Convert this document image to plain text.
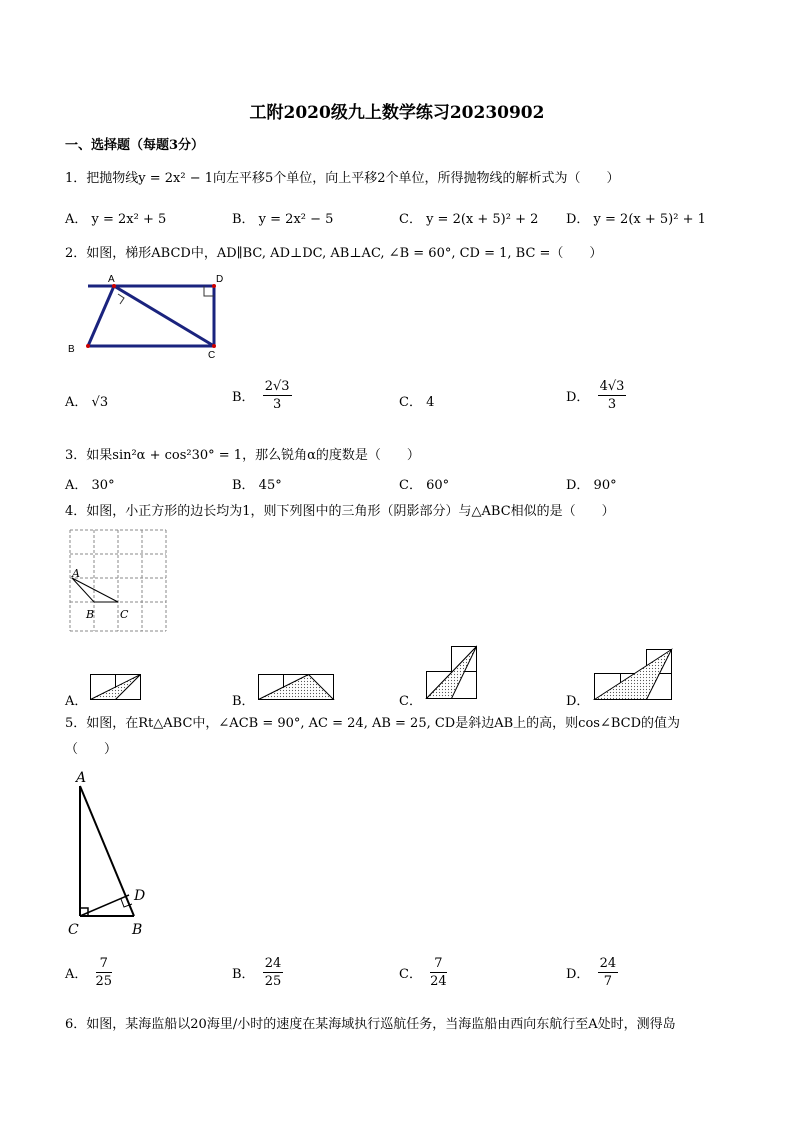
工附2020级九上数学练习20230902
一、选择题（每题3分）
1．把抛物线y = 2x² − 1向左平移5个单位，向上平移2个单位，所得抛物线的解析式为（　　）
A． y = 2x² + 5	B． y = 2x² − 5	C． y = 2(x + 5)² + 2 D． y = 2(x + 5)² + 1
2．如图，梯形ABCD中，AD∥BC, AD⊥DC, AB⊥AC, ∠B = 60°, CD = 1, BC =（　　）
A	D
B
C
A． √3	B． $\frac{2√3}{3}$	C． 4	D． $\frac{4√3}{3}$
3．如果sin²α + cos²30° = 1，那么锐角α的度数是（　　）
A． 30°	B． 45°	C． 60°	D． 90°
4．如图，小正方形的边长均为1，则下列图中的三角形（阴影部分）与△ABC相似的是（　　）
A
B C
A．	B．	C．	D．
5．如图，在Rt△ABC中，∠ACB = 90°, AC = 24, AB = 25, CD是斜边AB上的高，则cos∠BCD的值为
（　　）
A
D
C	B
A． $\frac{7}{25}$	B． $\frac{24}{25}$	C． $\frac{7}{24}$	D． $\frac{24}{7}$
6．如图，某海监船以20海里/小时的速度在某海域执行巡航任务，当海监船由西向东航行至A处时，测得岛
